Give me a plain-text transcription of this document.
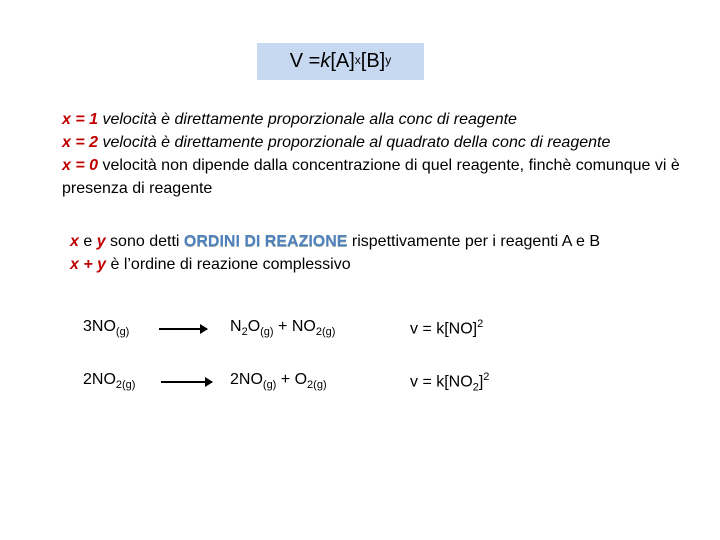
V = k $[A]^x$ $[B]^y$
x = 1 velocità è direttamente proporzionale alla conc di reagente
x = 2 velocità è direttamente proporzionale al quadrato della conc di reagente
x = 0 velocità non dipende dalla concentrazione di quel reagente, finchè comunque vi è presenza di reagente
x e y sono detti ORDINI DI REAZIONE rispettivamente per i reagenti A e B
x + y è l’ordine di reazione complessivo
$3NO_{(g)} \to N_2O_{(g)} + NO_{2(g)}$	v = k[NO]$^2$
$2NO_{2(g)} \to 2NO_{(g)} + O_{2(g)}$	$v = k[NO_2]^2$
